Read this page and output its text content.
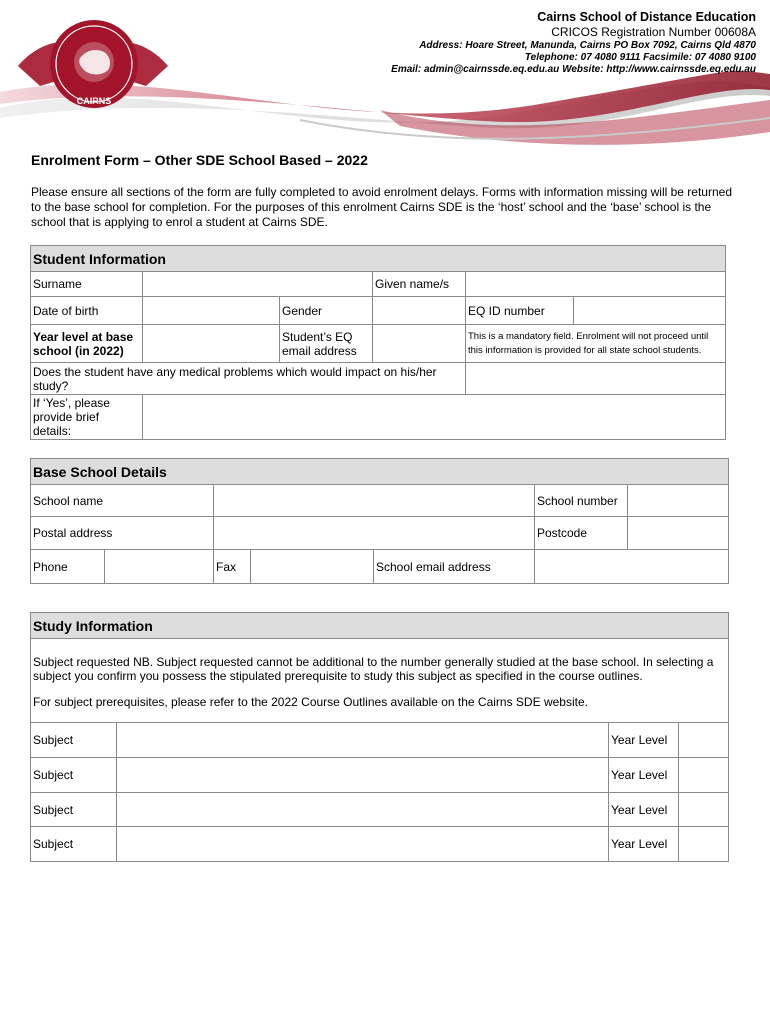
CAIRNS
Cairns School of Distance Education
CRICOS Registration Number 00608A
Address: Hoare Street, Manunda, Cairns PO Box 7092, Cairns Qld 4870
Telephone: 07 4080 9111 Facsimile: 07 4080 9100
Email: admin@cairnssde.eq.edu.au Website: http://www.cairnssde.eq.edu.au
Enrolment Form – Other SDE School Based – 2022
Please ensure all sections of the form are fully completed to avoid enrolment delays. Forms with information missing will be returned to the base school for completion. For the purposes of this enrolment Cairns SDE is the ‘host’ school and the ‘base’ school is the school that is applying to enrol a student at Cairns SDE.
Student Information					
Surname			Given name/s		
Date of birth		Gender		EQ ID number	
Year level at base school (in 2022)		Student’s EQ email address		This is a mandatory field. Enrolment will not proceed until this information is provided for all state school students.	
Does the student have any medical problems which would impact on his/her study?					
If ‘Yes’, please provide brief details:					
Base School Details						
School name					School number	
Postal address					Postcode	
Phone		Fax		School email address		
Study Information			

Subject requested NB. Subject requested cannot be additional to the number generally studied at the base school. In selecting a subject you confirm you possess the stipulated prerequisite to study this subject as specified in the course outlines.
For subject prerequisites, please refer to the 2022 Course Outlines available on the Cairns SDE website.			

Subject		Year Level	
Subject		Year Level	
Subject		Year Level	
Subject		Year Level	
